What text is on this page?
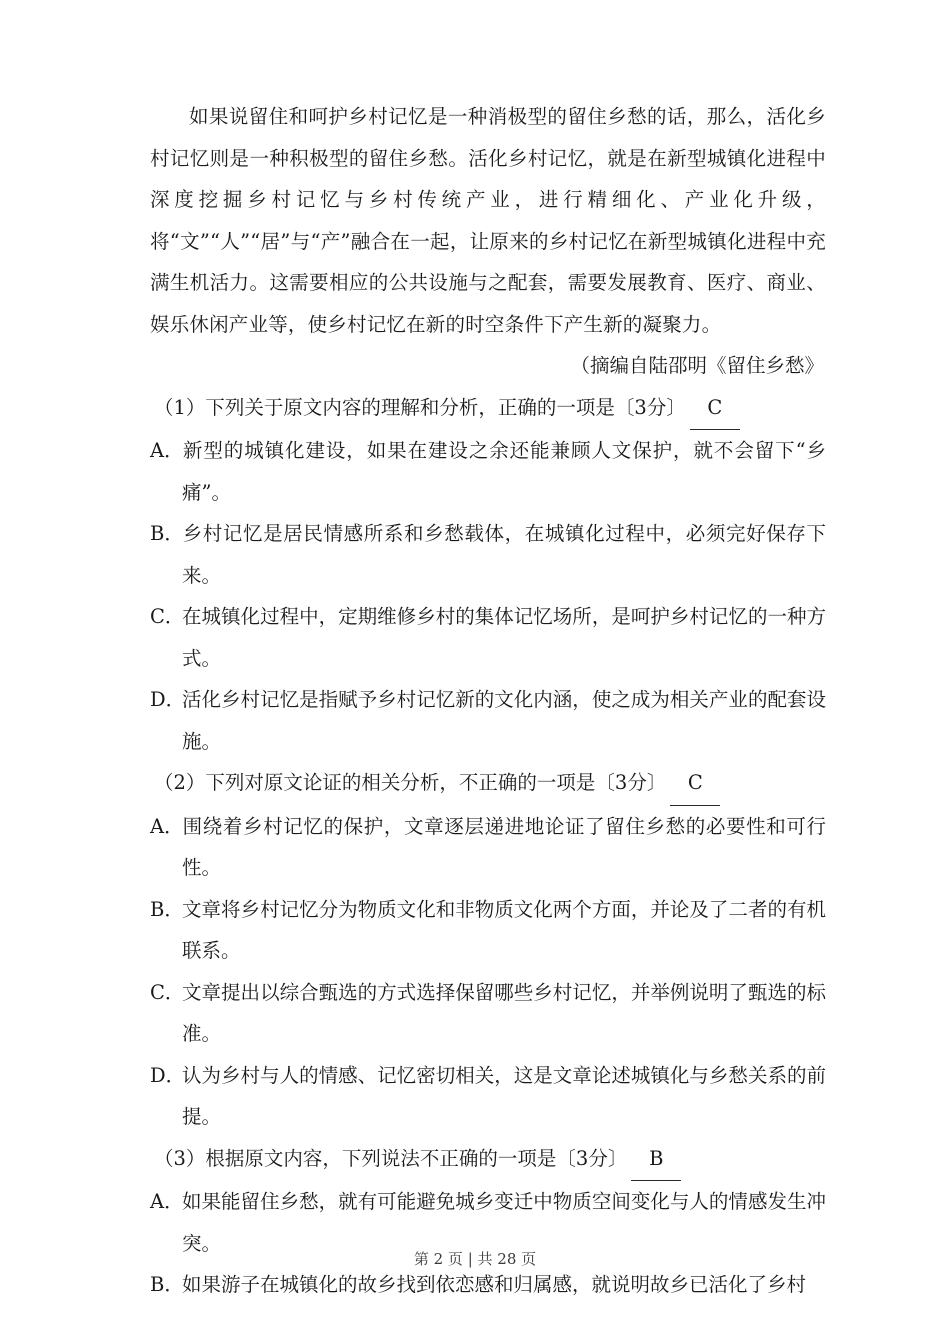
如果说留住和呵护乡村记忆是一种消极型的留住乡愁的话，那么，活化乡村记忆则是一种积极型的留住乡愁。活化乡村记忆，就是在新型城镇化进程中深度挖掘乡村记忆与乡村传统产业，进行精细化、产业化升级，将“文”“人”“居”与“产”融合在一起，让原来的乡村记忆在新型城镇化进程中充满生机活力。这需要相应的公共设施与之配套，需要发展教育、医疗、商业、娱乐休闲产业等，使乡村记忆在新的时空条件下产生新的凝聚力。

（摘编自陆邵明《留住乡愁》

（1）下列关于原文内容的理解和分析，正确的一项是〔3分〕 C

A．新型的城镇化建设，如果在建设之余还能兼顾人文保护，就不会留下“乡痛”。

B．乡村记忆是居民情感所系和乡愁载体，在城镇化过程中，必须完好保存下来。

C．在城镇化过程中，定期维修乡村的集体记忆场所，是呵护乡村记忆的一种方式。

D．活化乡村记忆是指赋予乡村记忆新的文化内涵，使之成为相关产业的配套设施。

（2）下列对原文论证的相关分析，不正确的一项是〔3分〕 C

A．围绕着乡村记忆的保护，文章逐层递进地论证了留住乡愁的必要性和可行性。

B．文章将乡村记忆分为物质文化和非物质文化两个方面，并论及了二者的有机联系。

C．文章提出以综合甄选的方式选择保留哪些乡村记忆，并举例说明了甄选的标准。

D．认为乡村与人的情感、记忆密切相关，这是文章论述城镇化与乡愁关系的前提。

（3）根据原文内容，下列说法不正确的一项是〔3分〕 B

A．如果能留住乡愁，就有可能避免城乡变迁中物质空间变化与人的情感发生冲突。

B．如果游子在城镇化的故乡找到依恋感和归属感，就说明故乡已活化了乡村

第 2 页 | 共 28 页
